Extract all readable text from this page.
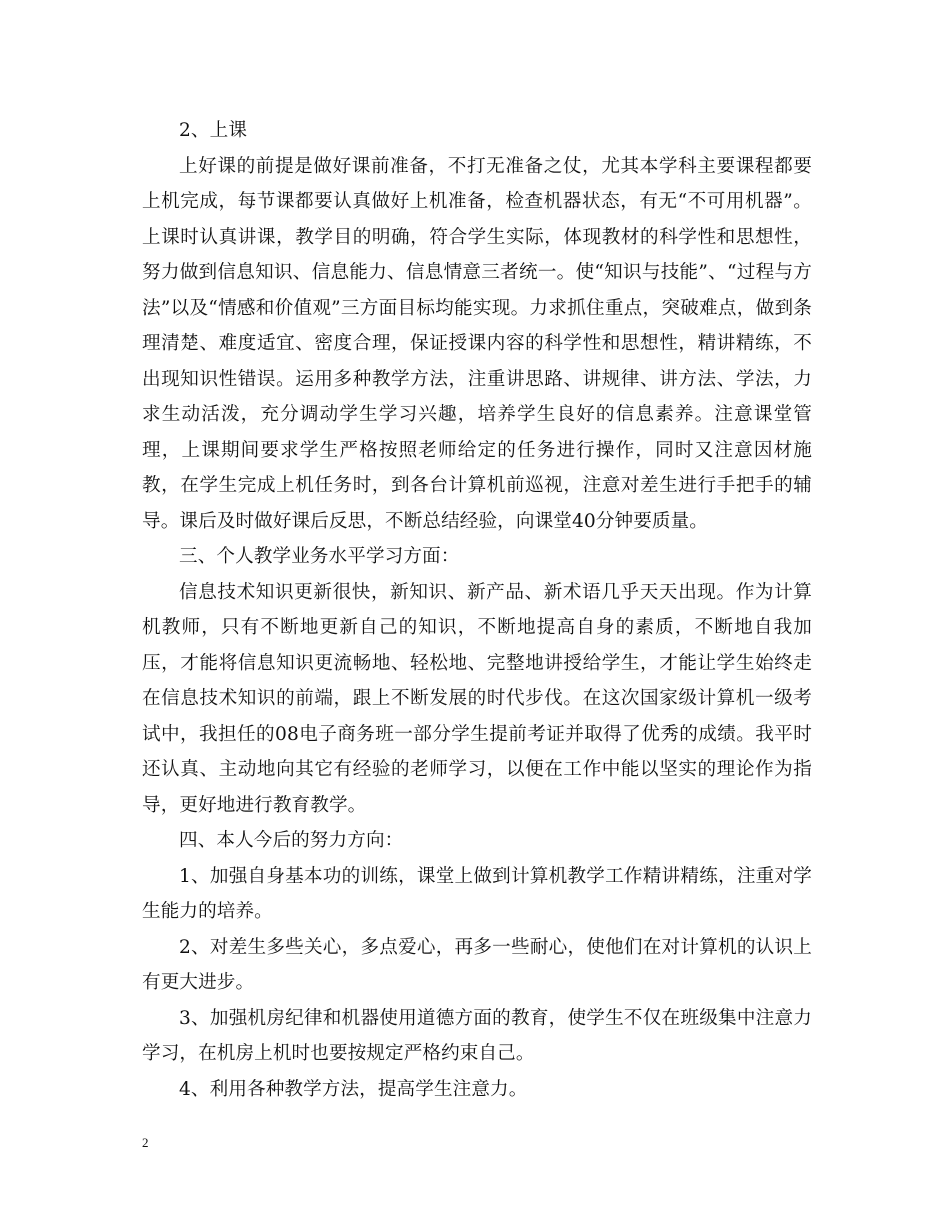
2、上课

上好课的前提是做好课前准备，不打无准备之仗，尤其本学科主要课程都要上机完成，每节课都要认真做好上机准备，检查机器状态，有无“不可用机器”。上课时认真讲课，教学目的明确，符合学生实际，体现教材的科学性和思想性，努力做到信息知识、信息能力、信息情意三者统一。使“知识与技能”、“过程与方法”以及“情感和价值观”三方面目标均能实现。力求抓住重点，突破难点，做到条理清楚、难度适宜、密度合理，保证授课内容的科学性和思想性，精讲精练，不出现知识性错误。运用多种教学方法，注重讲思路、讲规律、讲方法、学法，力求生动活泼，充分调动学生学习兴趣，培养学生良好的信息素养。注意课堂管理，上课期间要求学生严格按照老师给定的任务进行操作，同时又注意因材施教，在学生完成上机任务时，到各台计算机前巡视，注意对差生进行手把手的辅导。课后及时做好课后反思，不断总结经验，向课堂40分钟要质量。

三、个人教学业务水平学习方面：

信息技术知识更新很快，新知识、新产品、新术语几乎天天出现。作为计算机教师，只有不断地更新自己的知识，不断地提高自身的素质，不断地自我加压，才能将信息知识更流畅地、轻松地、完整地讲授给学生，才能让学生始终走在信息技术知识的前端，跟上不断发展的时代步伐。在这次国家级计算机一级考试中，我担任的08电子商务班一部分学生提前考证并取得了优秀的成绩。我平时还认真、主动地向其它有经验的老师学习，以便在工作中能以坚实的理论作为指导，更好地进行教育教学。

四、本人今后的努力方向：

1、加强自身基本功的训练，课堂上做到计算机教学工作精讲精练，注重对学生能力的培养。

2、对差生多些关心，多点爱心，再多一些耐心，使他们在对计算机的认识上有更大进步。

3、加强机房纪律和机器使用道德方面的教育，使学生不仅在班级集中注意力学习，在机房上机时也要按规定严格约束自己。

4、利用各种教学方法，提高学生注意力。

2
